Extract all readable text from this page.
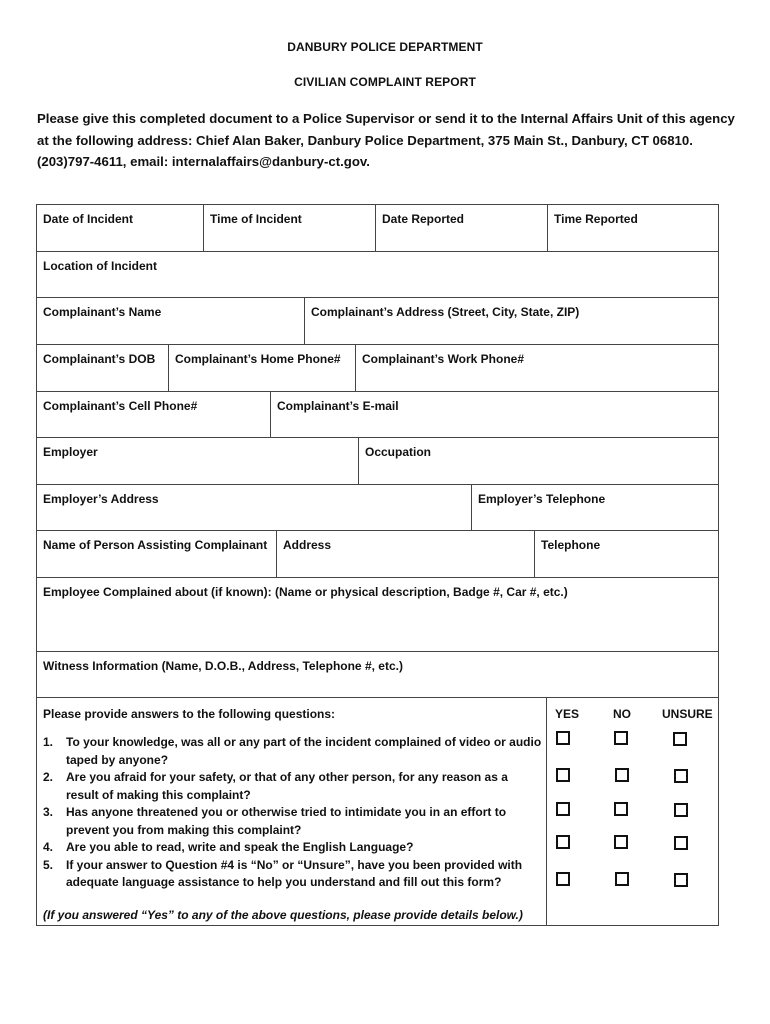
DANBURY POLICE DEPARTMENT
CIVILIAN COMPLAINT REPORT
Please give this completed document to a Police Supervisor or send it to the Internal Affairs Unit of this agency at the following address: Chief Alan Baker, Danbury Police Department, 375 Main St., Danbury, CT 06810. (203)797-4611, email: internalaffairs@danbury-ct.gov.
Date of Incident	Time of Incident	Date Reported	Time Reported
Location of Incident
Complainant’s Name	Complainant’s Address (Street, City, State, ZIP)
Complainant’s DOB	Complainant’s Home Phone#	Complainant’s Work Phone#
Complainant’s Cell Phone#	Complainant’s E-mail
Employer	Occupation
Employer’s Address	Employer’s Telephone
Name of Person Assisting Complainant	Address	Telephone
Employee Complained about (if known): (Name or physical description, Badge #, Car #, etc.)
Witness Information (Name, D.O.B., Address, Telephone #, etc.)
Please provide answers to the following questions:	YES	NO	UNSURE
1. To your knowledge, was all or any part of the incident complained of video or audio taped by anyone?
2. Are you afraid for your safety, or that of any other person, for any reason as a result of making this complaint?
3. Has anyone threatened you or otherwise tried to intimidate you in an effort to prevent you from making this complaint?
4. Are you able to read, write and speak the English Language?
5. If your answer to Question #4 is “No” or “Unsure”, have you been provided with adequate language assistance to help you understand and fill out this form?
(If you answered “Yes” to any of the above questions, please provide details below.)
